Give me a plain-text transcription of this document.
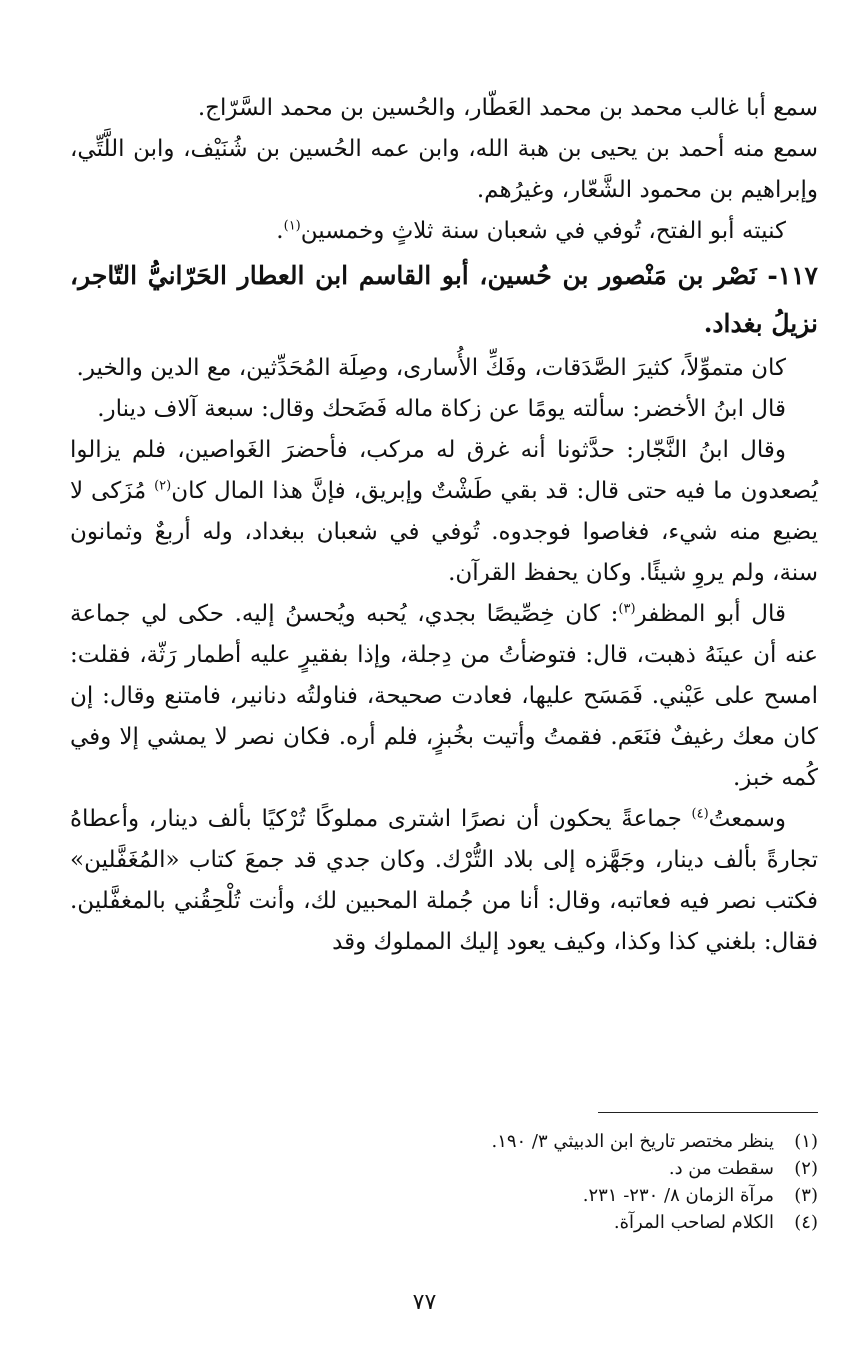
سمع أبا غالب محمد بن محمد العَطّار، والحُسين بن محمد السَّرّاج.

سمع منه أحمد بن يحيى بن هبة الله، وابن عمه الحُسين بن شُنَيْف، وابن اللَّتِّي، وإبراهيم بن محمود الشَّعّار، وغيرُهم.

كنيته أبو الفتح، تُوفي في شعبان سنة ثلاثٍ وخمسين$^{(١)}$.

١١٧- نَصْر بن مَنْصور بن حُسين، أبو القاسم ابن العطار الحَرّانيُّ التّاجر، نزيلُ بغداد.

كان متموِّلاً، كثيرَ الصَّدَقات، وفَكِّ الأُسارى، وصِلَة المُحَدِّثين، مع الدين والخير.

قال ابنُ الأخضر: سألته يومًا عن زكاة ماله فَضَحك وقال: سبعة آلاف دينار.

وقال ابنُ النَّجّار: حدَّثونا أنه غرق له مركب، فأحضرَ الغَواصين، فلم يزالوا يُصعدون ما فيه حتى قال: قد بقي طَشْتٌ وإبريق، فإنَّ هذا المال كان$^{(٢)}$ مُزَكى لا يضيع منه شيء، فغاصوا فوجدوه. تُوفي في شعبان ببغداد، وله أربعٌ وثمانون سنة، ولم يروِ شيئًا. وكان يحفظ القرآن.

قال أبو المظفر$^{(٣)}$: كان خِصِّيصًا بجدي، يُحبه ويُحسنُ إليه. حكى لي جماعة عنه أن عينَهُ ذهبت، قال: فتوضأتُ من دِجلة، وإذا بفقيرٍ عليه أطمار رَثّة، فقلت: امسح على عَيْني. فَمَسَح عليها، فعادت صحيحة، فناولتُه دنانير، فامتنع وقال: إن كان معك رغيفٌ فنَعَم. فقمتُ وأتيت بخُبزٍ، فلم أره. فكان نصر لا يمشي إلا وفي كُمه خبز.

وسمعتُ$^{(٤)}$ جماعةً يحكون أن نصرًا اشترى مملوكًا تُرْكيًا بألف دينار، وأعطاهُ تجارةً بألف دينار، وجَهَّزه إلى بلاد التُّرْك. وكان جدي قد جمعَ كتاب «المُغَفَّلين» فكتب نصر فيه فعاتبه، وقال: أنا من جُملة المحبين لك، وأنت تُلْحِقُني بالمغفَّلين. فقال: بلغني كذا وكذا، وكيف يعود إليك المملوك وقد

(١)
ينظر مختصر تاريخ ابن الدبيثي ٣/ ١٩٠.
(٢)
سقطت من د.
(٣)
مرآة الزمان ٨/ ٢٣٠- ٢٣١.
(٤)
الكلام لصاحب المرآة.
٧٧
